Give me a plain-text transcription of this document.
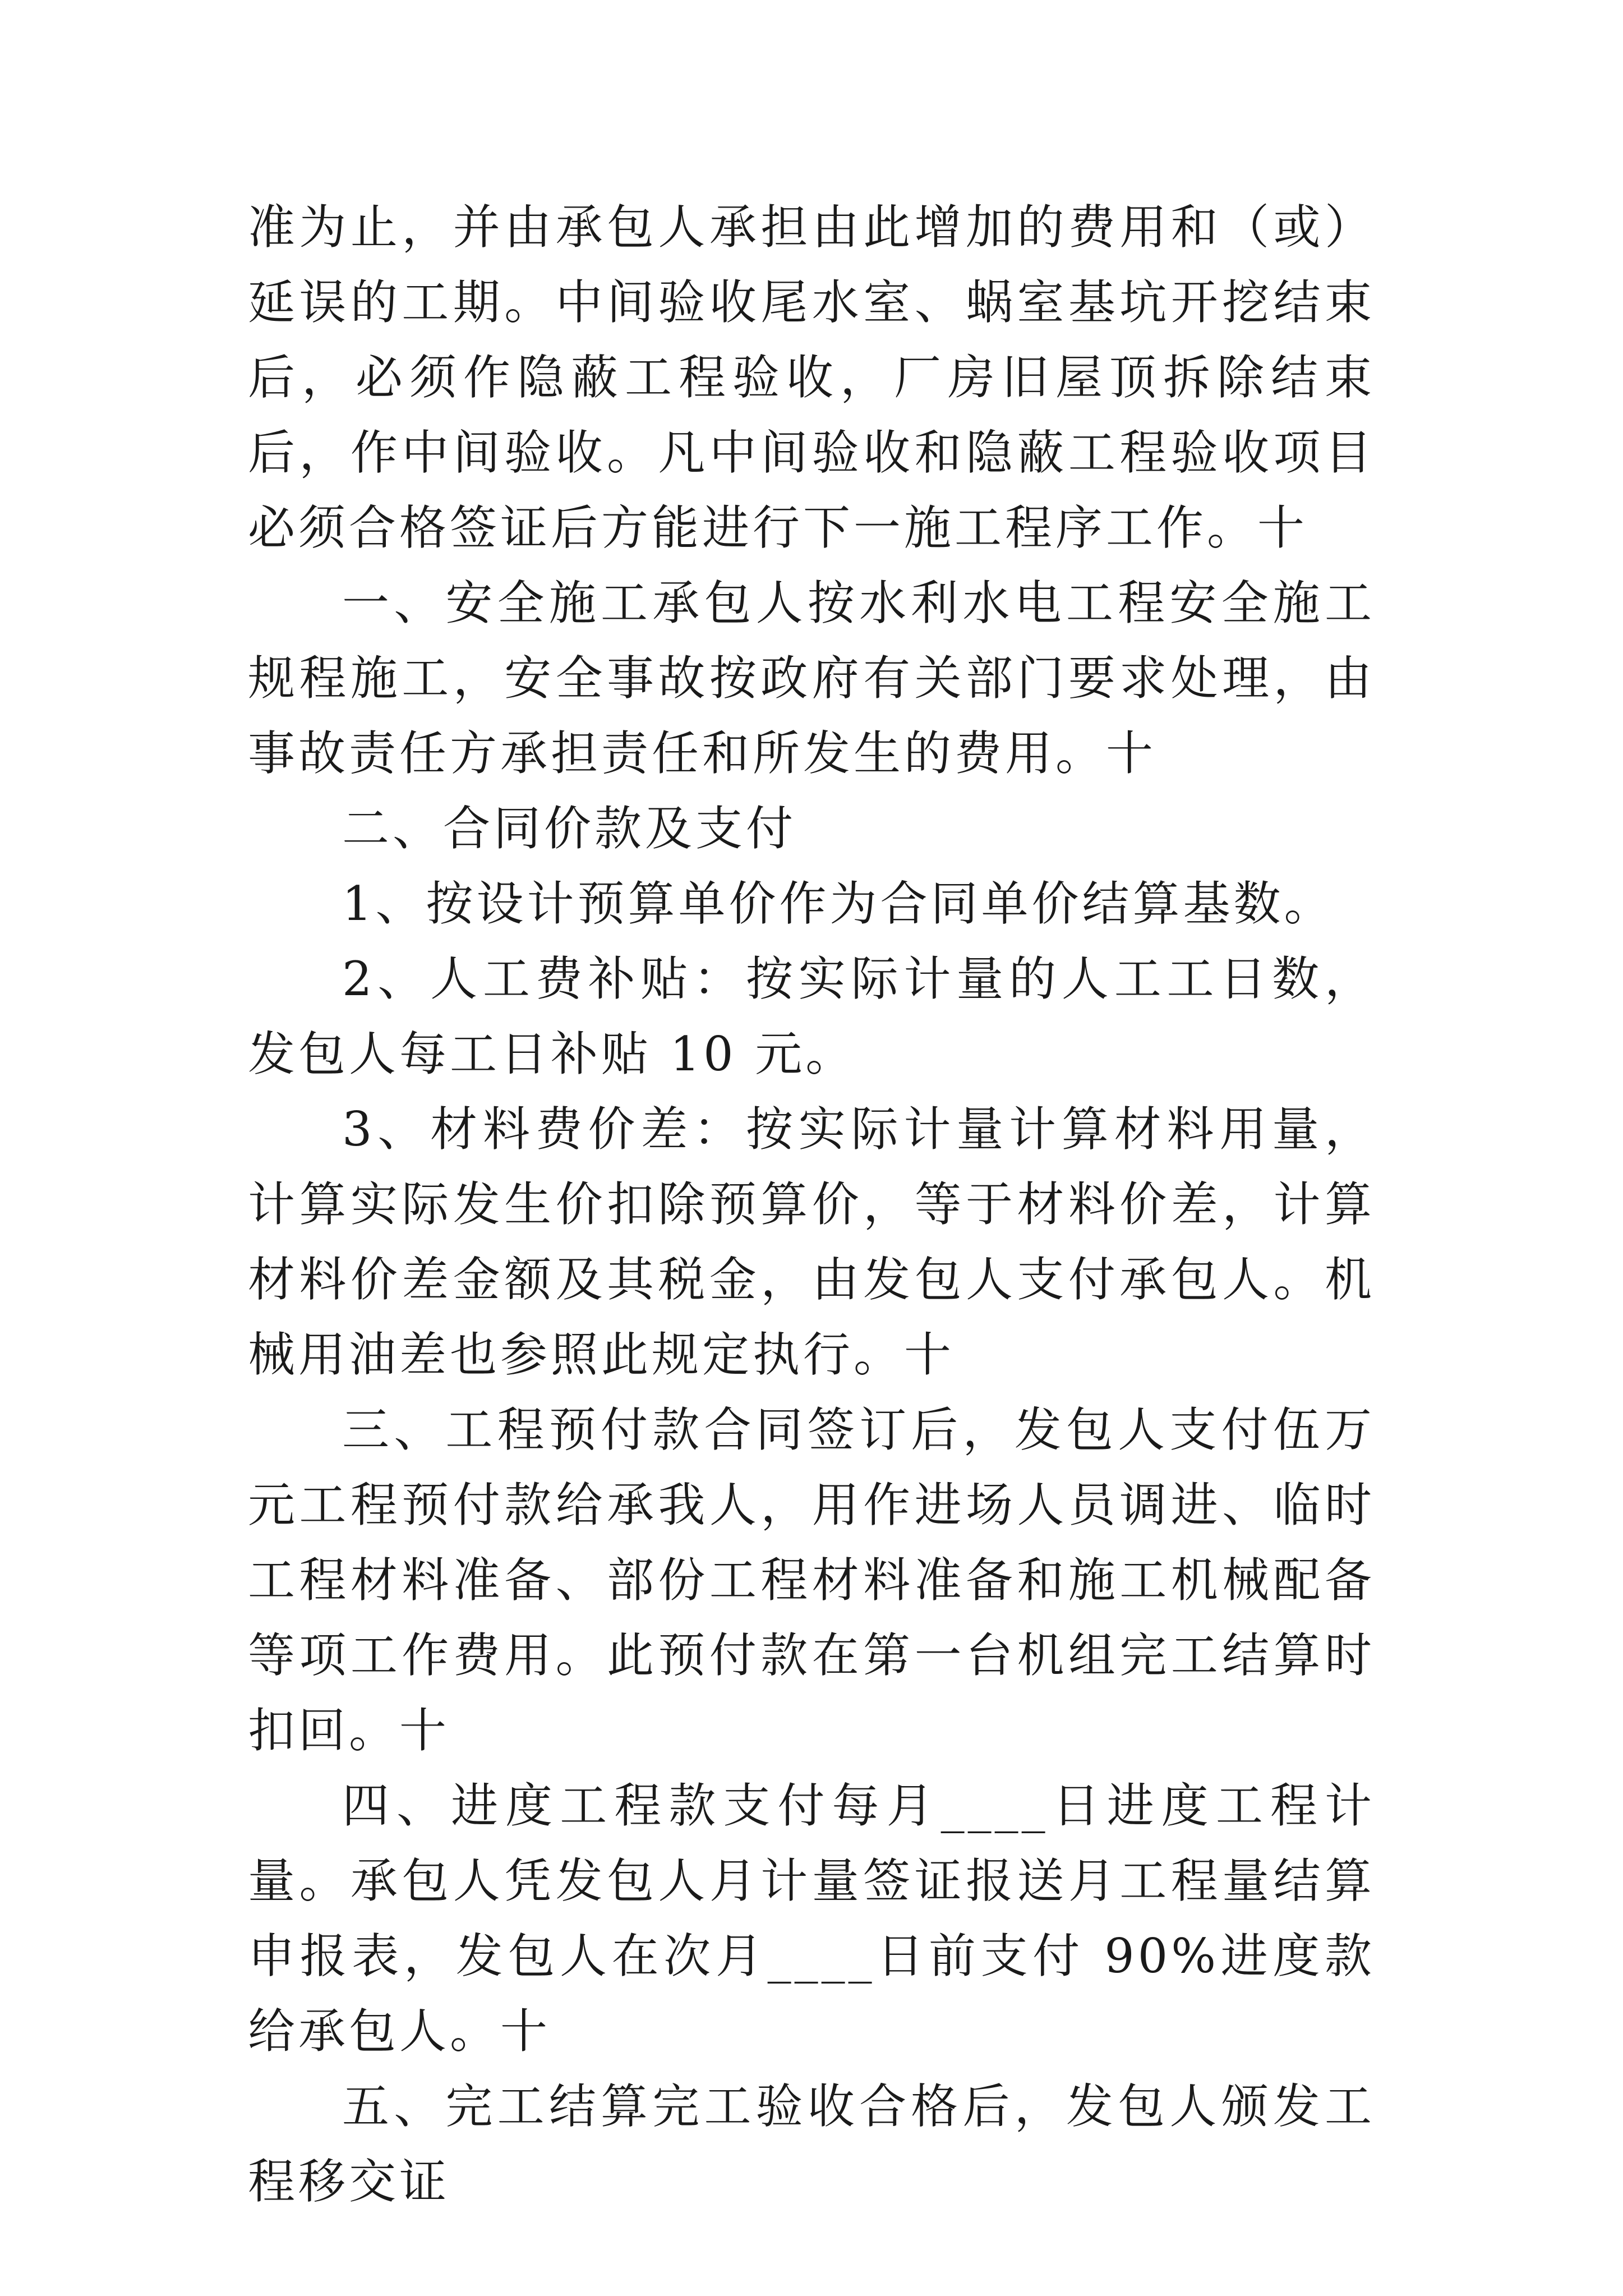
准为止，并由承包人承担由此增加的费用和（或）延误的工期。中间验收尾水室、蜗室基坑开挖结束后，必须作隐蔽工程验收，厂房旧屋顶拆除结束后，作中间验收。凡中间验收和隐蔽工程验收项目必须合格签证后方能进行下一施工程序工作。十

一、安全施工承包人按水利水电工程安全施工规程施工，安全事故按政府有关部门要求处理，由事故责任方承担责任和所发生的费用。十

二、合同价款及支付

1、按设计预算单价作为合同单价结算基数。

2、人工费补贴：按实际计量的人工工日数，发包人每工日补贴 10 元。

3、材料费价差：按实际计量计算材料用量，计算实际发生价扣除预算价，等于材料价差，计算材料价差金额及其税金，由发包人支付承包人。机械用油差也参照此规定执行。十

三、工程预付款合同签订后，发包人支付伍万元工程预付款给承我人，用作进场人员调进、临时工程材料准备、部份工程材料准备和施工机械配备等项工作费用。此预付款在第一台机组完工结算时扣回。十

四、进度工程款支付每月____日进度工程计量。承包人凭发包人月计量签证报送月工程量结算申报表，发包人在次月____日前支付 90%进度款给承包人。十

五、完工结算完工验收合格后，发包人颁发工程移交证
